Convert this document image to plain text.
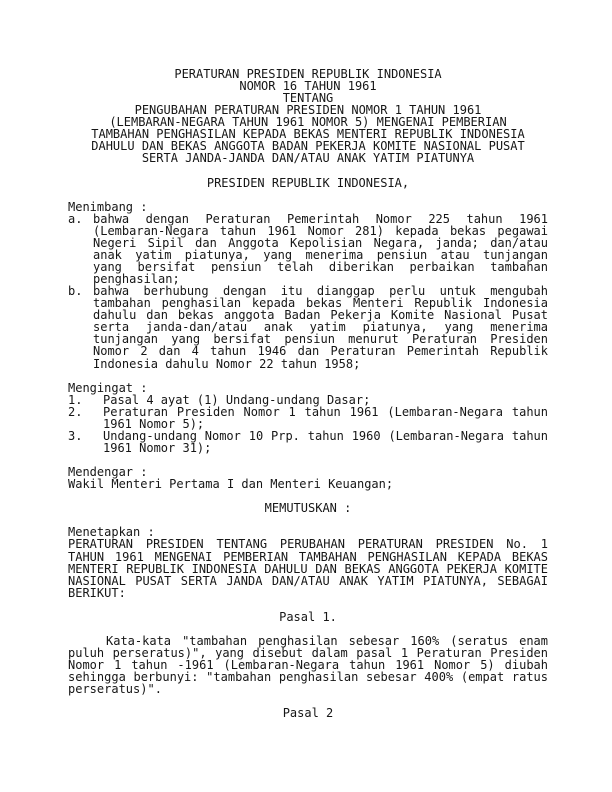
PERATURAN PRESIDEN REPUBLIK INDONESIA
NOMOR 16 TAHUN 1961
TENTANG
PENGUBAHAN PERATURAN PRESIDEN NOMOR 1 TAHUN 1961
(LEMBARAN-NEGARA TAHUN 1961 NOMOR 5) MENGENAI PEMBERIAN
TAMBAHAN PENGHASILAN KEPADA BEKAS MENTERI REPUBLIK INDONESIA
DAHULU DAN BEKAS ANGGOTA BADAN PEKERJA KOMITE NASIONAL PUSAT
SERTA JANDA-JANDA DAN/ATAU ANAK YATIM PIATUNYA
PRESIDEN REPUBLIK INDONESIA,
Menimbang :
a. bahwa dengan Peraturan Pemerintah Nomor 225 tahun 1961
(Lembaran-Negara tahun 1961 Nomor 281) kepada bekas pegawai
Negeri Sipil dan Anggota Kepolisian Negara, janda; dan/atau
anak yatim piatunya, yang menerima pensiun atau tunjangan
yang bersifat pensiun telah diberikan perbaikan tambahan
penghasilan;
b. bahwa berhubung dengan itu dianggap perlu untuk mengubah
tambahan penghasilan kepada bekas Menteri Republik Indonesia
dahulu dan bekas anggota Badan Pekerja Komite Nasional Pusat
serta janda-dan/atau anak yatim piatunya, yang menerima
tunjangan yang bersifat pensiun menurut Peraturan Presiden
Nomor 2 dan 4 tahun 1946 dan Peraturan Pemerintah Republik
Indonesia dahulu Nomor 22 tahun 1958;
Mengingat :
1. Pasal 4 ayat (1) Undang-undang Dasar;
2. Peraturan Presiden Nomor 1 tahun 1961 (Lembaran-Negara tahun
1961 Nomor 5);
3. Undang-undang Nomor 10 Prp. tahun 1960 (Lembaran-Negara tahun
1961 Nomor 31);
Mendengar :
Wakil Menteri Pertama I dan Menteri Keuangan;
MEMUTUSKAN :
Menetapkan :
PERATURAN PRESIDEN TENTANG PERUBAHAN PERATURAN PRESIDEN No. 1
TAHUN 1961 MENGENAI PEMBERIAN TAMBAHAN PENGHASILAN KEPADA BEKAS
MENTERI REPUBLIK INDONESIA DAHULU DAN BEKAS ANGGOTA PEKERJA KOMITE
NASIONAL PUSAT SERTA JANDA DAN/ATAU ANAK YATIM PIATUNYA, SEBAGAI
BERIKUT:
Pasal 1.
Kata-kata "tambahan penghasilan sebesar 160% (seratus enam
puluh perseratus)", yang disebut dalam pasal 1 Peraturan Presiden
Nomor 1 tahun -1961 (Lembaran-Negara tahun 1961 Nomor 5) diubah
sehingga berbunyi: "tambahan penghasilan sebesar 400% (empat ratus
perseratus)".
Pasal 2
